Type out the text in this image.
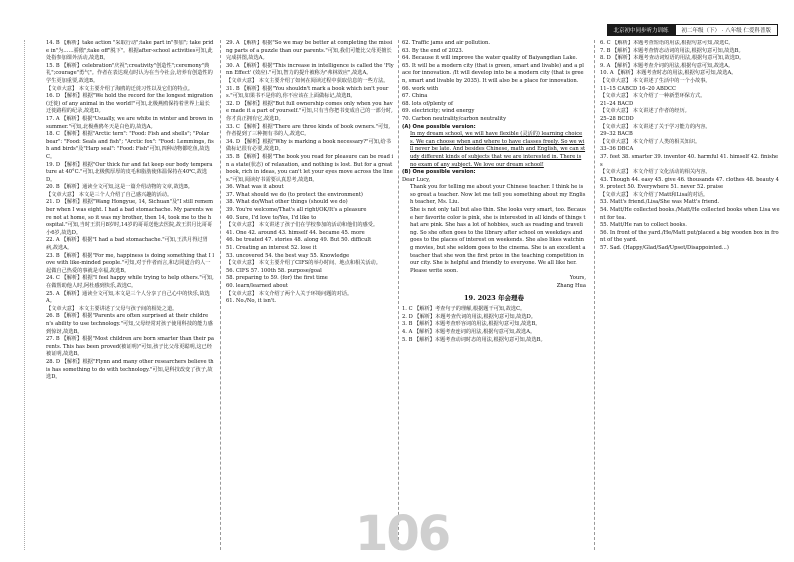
北京初中同步听力训练	初二年级（下） · 八年级 仁爱科普版

14. B 【解析】take action "采取行动";take part in"参加"; take pride in"为……骄傲";take off"脱下"。根据after-school activities可知,此处指参加课外活动,故选B。

15. B 【解析】celebration"庆祝";creativity"创造性";ceremony"典礼";courage"勇气"。作者在表达观点时认为在当今社会,培养有创造性的学生更加重要,故选B。

【文章大意】 本文主要介绍了海鸥的迁徙习性以及它们的特点。

16. D 【解析】根据"We hold the record for the longest migration (迁徙) of any animal in the world!"可知,北极燕鸥保持着世界上最长迁徙路程的纪录,故选D。

17. A 【解析】根据"Usually, we are white in winter and brown in summer."可知,北极燕鸥冬天是白色的,故选A。

18. C 【解析】根据"Arctic tern": "Food: Fish and shells"; "Polar bear": "Food: Seals and fish"; "Arctic fox": "Food: Lemmings, fish and birds"及"Harp seal": "Food: Fish"可知,四种动物都吃鱼,故选C。

19. D 【解析】根据"Our thick fur and fat keep our body temperature at 40°C."可知,北极熊厚厚的皮毛和脂肪使体温保持在40℃,故选D。

20. B 【解析】通读全文可知,这是一篇介绍动物的文章,故选B。

【文章大意】 本文是三个人介绍了自己感兴趣的活动。

21. D 【解析】根据"Wang Hongyue, 14, Sichuan"及"I still remember when I was eight. I had a bad stomachache. My parents were not at home, so it was my brother, then 14, took me to the hospital."可知,当时王洪月8岁时,14岁的哥哥送他去医院,故王洪月比哥哥小6岁,故选D。

22. A 【解析】根据"I had a bad stomachache."可知,王洪月得过胃病,故选A。

23. B 【解析】根据"For me, happiness is doing something that I love with like-minded people."可知,对于作者而言,和志同道合的人一起做自己热爱的事就是幸福,故选B。

24. C 【解析】根据"I feel happy while trying to help others."可知,在做帮助他人时,阿杜感到快乐,故选C。

25. A 【解析】通读全文可知,本文是三个人分享了自己心中的快乐,故选A。

【文章大意】 本文主要讲述了父母与孩子间的相处之道。

26. B 【解析】根据"Parents are often surprised at their children's ability to use technology."可知,父母经常对孩子使用科技的能力感到惊讶,故选B。

27. B 【解析】根据"Most children are born smarter than their parents. This has been proved(被证明)"可知,孩子比父母更聪明,这已经被证明,故选B。

28. D 【解析】根据"Flynn and many other researchers believe this has something to do with technology."可知,是科技改变了孩子,故选D。

29. A 【解析】根据"So we may be better at completing the missing parts of a puzzle than our parents."可知,我们可能比父母更擅长完成拼图,故选A。

30. A 【解析】根据"This increase in intelligence is called the 'Flynn Effect' (效应)."可知,智力的提升被称为"弗林效应",故选A。

【文章大意】 本文主要介绍了如何在阅读过程中获取信息的一些方法。

31. B 【解析】根据"You shouldn't mark a book which isn't yours."可知,如果书不是你的,你不应该在上面做标记,故选B。

32. D 【解析】根据"But full ownership comes only when you have made it a part of yourself."可知,只有当你把书变成自己的一部分时,你才真正拥有它,故选D。

33. C 【解析】根据"There are three kinds of book owners."可知,作者提到了三种拥有书的人,故选C。

34. D 【解析】根据"Why is marking a book necessary?"可知,给书做标记很有必要,故选D。

35. B 【解析】根据"The book you read for pleasure can be read in a state(状态) of relaxation, and nothing is lost. But for a great book, rich in ideas, you can't let your eyes move across the lines."可知,阅读好书需要认真思考,故选B。

36. What was it about

37. What should we do (to protect the environment)

38. What do/What other things (should we do)

39. You're welcome/That's all right/OK/It's a pleasure

40. Sure, I'd love to/Yes, I'd like to

【文章大意】 本文讲述了孩子们在学校参加的活动和他们的感受。

41. One 42. around 43. himself 44. became 45. more

46. be treated 47. stories 48. along 49. But 50. difficult

51. Creating an interest 52. lose it

53. uncovered 54. the best way 55. Knowledge

【文章大意】 本文主要介绍了CIFS的举办时间、地点和相关活动。

56. CIFS 57. 100th 58. purpose/goal

58. preparing to 59. (for) the first time

60. learn/learned about

【文章大意】 本文介绍了两个人关于环境问题的对话。

61. No./No, it isn't.

62. Traffic jams and air pollution.

63. By the end of 2023.

64. Because it will improve the water quality of Baiyangdian Lake.

65. It will be a modern city (that is green, smart and livable) and a place for innovation. /It will develop into be a modern city (that is green, smart and livable by 2035). It will also be a place for innovation.

66. work with

67. China

68. lots of/plenty of

69. electricity; wind energy

70. Carbon neutrality/carbon neutrality

(A) One possible version:

In my dream school, we will have flexible (灵活的) learning choices. We can choose when and where to have classes freely. So we will never be late. And besides Chinese, math and English, we can study different kinds of subjects that we are interested in. There is no exam of any subject. We love our dream school!

(B) One possible version:

Dear Lucy,

Thank you for telling me about your Chinese teacher. I think he is so great a teacher. Now let me tell you something about my English teacher, Ms. Liu.

She is not only tall but also thin. She looks very smart, too. Because her favorite color is pink, she is interested in all kinds of things that are pink. She has a lot of hobbies, such as reading and traveling. So she often goes to the library after school on weekdays and goes to the places of interest on weekends. She also likes watching movies, but she seldom goes to the cinema. She is an excellent a teacher that she won the first prize in the teaching competition in our city. She is helpful and friendly to everyone. We all like her.

Please write soon.

Yours,

Zhang Hua

19. 2023 年会理卷

1. C 【解析】考查句子的理解,根据题干可知,故选C。

2. D 【解析】本题考查代词的用法,根据句意可知,故选D。

3. B 【解析】本题考查形容词的用法,根据句意可知,故选B。

4. A 【解析】本题考查连词的用法,根据句意可知,故选A。

5. B 【解析】本题考查动词时态的用法,根据句意可知,故选B。

6. C 【解析】本题考查短语的用法,根据句意可知,故选C。

7. B 【解析】本题考查情态动词的用法,根据句意可知,故选B。

8. D 【解析】本题考查动词短语的用法,根据句意可知,故选D。

9. A 【解析】本题考查介词的用法,根据句意可知,故选A。

10. A 【解析】本题考查时态的用法,根据句意可知,故选A。

【文章大意】 本文讲述了生活中的一个小故事。

11–15 CABCD 16–20 ABDCC

【文章大意】 本文介绍了一种新型环保方式。

21–24 BACD

【文章大意】 本文讲述了作者的经历。

25–28 BCDD

【文章大意】 本文讲述了关于学习能力的内容。

29–32 BACB

【文章大意】 本文介绍了人类的相关知识。

33–36 DBCA

37. feet 38. smarter 39. inventor 40. harmful 41. himself 42. finishes

【文章大意】 本文介绍了文化活动的相关内容。

43. Though 44. easy 45. give 46. thousands 47. clothes 48. beauty 49. protect 50. Everywhere 51. never 52. praise

【文章大意】 本文介绍了Matt和Lisa的对话。

53. Matt's friend./Lisa/She was Matt's friend.

54. Matt/He collected books./Matt/He collected books when Lisa went for tea.

55. Matt/He ran to collect books.

56. In front of the yard./He/Matt put/placed a big wooden box in front of the yard.

57. Sad. (Happy/Glad/Sad/Upset/Disappointed...)

106
